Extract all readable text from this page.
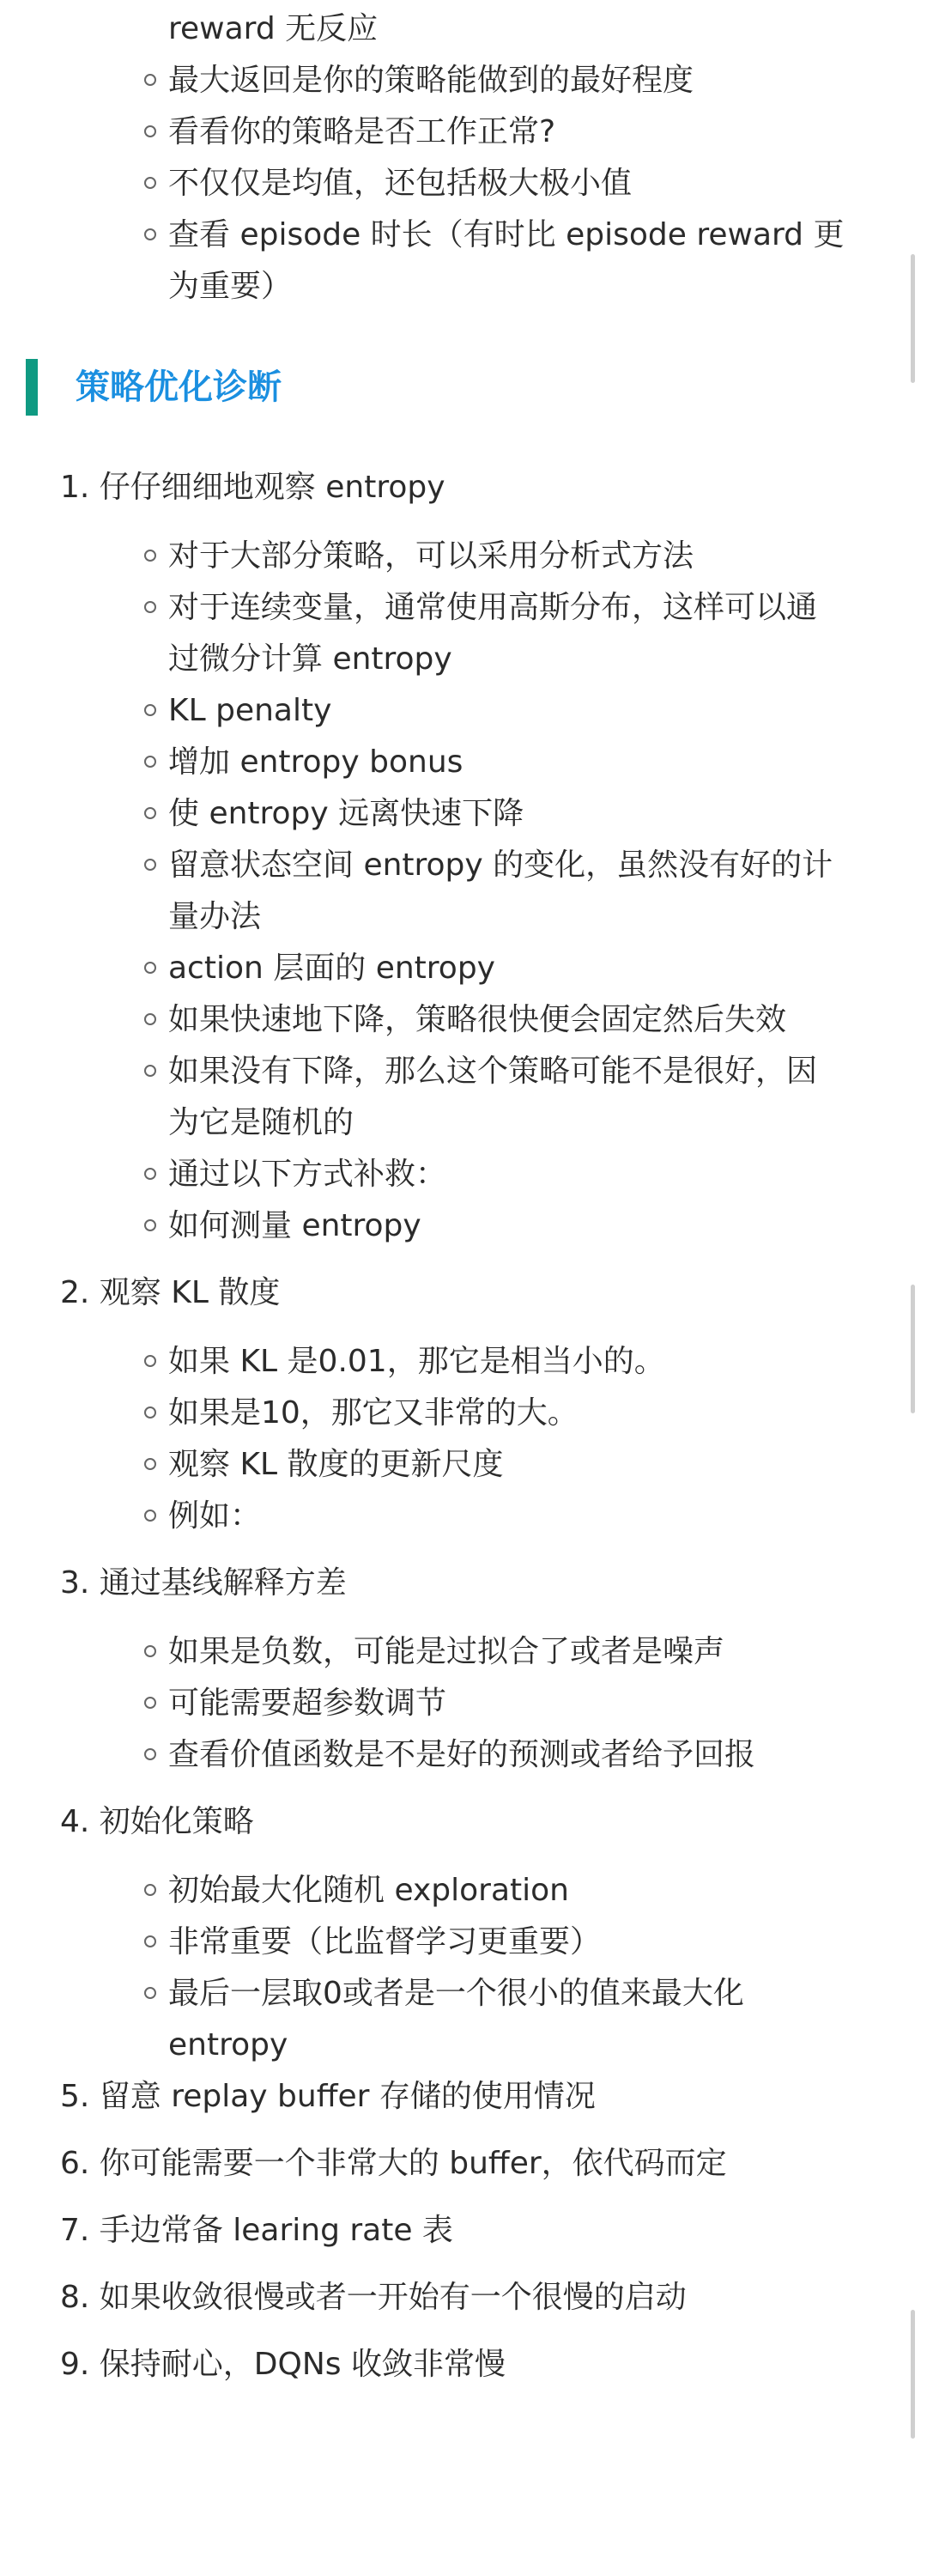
reward 无反应
最大返回是你的策略能做到的最好程度
看看你的策略是否工作正常?
不仅仅是均值，还包括极大极小值
查看 episode 时长（有时比 episode reward 更
为重要）
策略优化诊断
1. 仔仔细细地观察 entropy
对于大部分策略，可以采用分析式方法
对于连续变量，通常使用高斯分布，这样可以通
过微分计算 entropy
KL penalty
增加 entropy bonus
使 entropy 远离快速下降
留意状态空间 entropy 的变化，虽然没有好的计
量办法
action 层面的 entropy
如果快速地下降，策略很快便会固定然后失效
如果没有下降，那么这个策略可能不是很好，因
为它是随机的
通过以下方式补救：
如何测量 entropy
2. 观察 KL 散度
如果 KL 是0.01，那它是相当小的。
如果是10，那它又非常的大。
观察 KL 散度的更新尺度
例如：
3. 通过基线解释方差
如果是负数，可能是过拟合了或者是噪声
可能需要超参数调节
查看价值函数是不是好的预测或者给予回报
4. 初始化策略
初始最大化随机 exploration
非常重要（比监督学习更重要）
最后一层取0或者是一个很小的值来最大化
entropy
5. 留意 replay buffer 存储的使用情况
6. 你可能需要一个非常大的 buffer，依代码而定
7. 手边常备 learing rate 表
8. 如果收敛很慢或者一开始有一个很慢的启动
9. 保持耐心，DQNs 收敛非常慢
